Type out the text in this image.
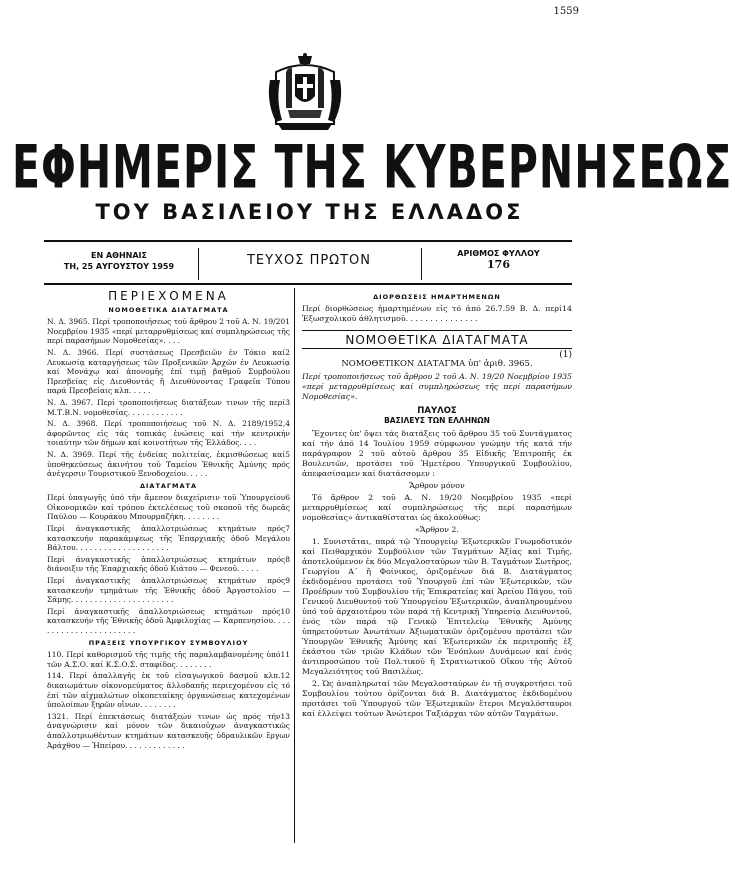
1559
ΕΦΗΜΕΡΙΣ ΤΗΣ ΚΥΒΕΡΝΗΣΕΩΣ
ΤΟΥ ΒΑΣΙΛΕΙΟΥ ΤΗΣ ΕΛΛΑΔΟΣ
ΕΝ ΑΘΗΝΑΙΣ
ΤΗ, 25 ΑΥΓΟΥΣΤΟΥ 1959	ΤΕΥΧΟΣ ΠΡΩΤΟΝ	ΑΡΙΘΜΟΣ ΦΥΛΛΟΥ
176
ΠΕΡΙΕΧΟΜΕΝΑ
ΝΟΜΟΘΕΤΙΚΑ ΔΙΑΤΑΓΜΑΤΑ
1
Ν. Δ. 3965. Περί τροποποιήσεως τοῦ ἄρθρου 2 τοῦ Α. Ν. 19/20 Νοεμβρίου 1935 «περί μεταρρυθμίσεως καί συμπληρώσεως τῆς περί παρασήμων Νομοθεσίας». . . .
2
Ν. Δ. 3966. Περί συστάσεως Πρεσβειῶν ἐν Τόκιο καί Λευκωσίᾳ καταργήσεως τῶν Προξενικῶν Ἀρχῶν ἐν Λευκωσίᾳ καί Μονάχῳ καί ἀπονομῆς ἐπί τιμῇ βαθμοῦ Συμβούλου Πρεσβείας εἰς Διευθυντάς ἤ Διευθύνοντας Γραφεῖα Τύπου παρά Πρεσβείαις κλπ. . . . .
3
Ν. Δ. 3967. Περί τροποποιήσεως διατάξεων τινων τῆς περί Μ.Τ.Β.Ν. νομοθεσίας. . . . . . . . . . . .
4
Ν. Δ. 3968. Περί τροποποιήσεως τοῦ Ν. Δ. 2189/1952, ἀφορῶντος εἰς τάς τοπικάς ἑνώσεις καί τήν κεντρικήν τοιαύτην τῶν δήμων καί κοινοτήτων τῆς Ἑλλάδος. . . .
5
Ν. Δ. 3969. Περί τῆς ἐνδείας πολιτείας, ἐκμισθώσεως καί ὑποθηκεύσεως ἀκινήτου τοῦ Ταμείου Ἐθνικῆς Ἀμύνης πρός ἀνέγερσιν Τουριστικοῦ Ξενοδοχείου. . . . .
ΔΙΑΤΑΓΜΑΤΑ
6
Περί ὑπαγωγῆς ὑπό τήν ἄμεσον διαχείρισιν τοῦ Ὑπουργείου Οἰκονομικῶν καί τρόπου ἐκτελέσεως τοῦ σκοποῦ τῆς δωρεᾶς Παύλου — Κουράκου Μπουρμαζήκη. . . . . . . .
7
Περί ἀναγκαστικῆς ἀπαλλοτριώσεως κτημάτων πρός κατασκευήν παρακάμψεως τῆς Ἐπαρχιακῆς ὁδοῦ Μεγάλου Βάλτου. . . . . . . . . . . . . . . . . . . .
8
Περί ἀναγκαστικῆς ἀπαλλοτριώσεως κτημάτων πρός διάνοιξιν τῆς Ἐπαρχιακῆς ὁδοῦ Κιάτου — Φενεοῦ. . . . .
9
Περί ἀναγκαστικῆς ἀπαλλοτριώσεως κτημάτων πρός κατασκευήν τμημάτων τῆς Ἐθνικῆς ὁδοῦ Ἀργοστολίου — Σάμης. . . . . . . . . . . . . . . . . . . . . .
10
Περί ἀναγκαστικῆς ἀπαλλοτριώσεως κτημάτων πρός κατασκευήν τῆς Ἐθνικῆς ὁδοῦ Ἀμφιλοχίας — Καρπενησίου. . . . . . . . . . . . . . . . . . . . . . .
ΠΡΑΞΕΙΣ ΥΠΟΥΡΓΙΚΟΥ ΣΥΜΒΟΥΛΙΟΥ
11
110. Περί καθορισμοῦ τῆς τιμῆς τῆς παραλαμβανομένης ὑπό τῶν Α.Σ.Ο. καί Κ.Σ.Ο.Σ. σταφίδος. . . . . . . .
12
114. Περί ἀπαλλαγῆς ἐκ τοῦ εἰσαγωγικοῦ δασμοῦ κλπ. δικαιωμάτων οἰκονομεύματος ἀλλοδαπῆς περιεχομένου εἰς τό ἐπί τῶν αἰχμαλώτων οἰκοπεταίκης ὀργανώσεως κατεχομένων ὑπολοίπων ξηρῶν οἴνων. . . . . . . .
13
1321. Περί ἐπεκτάσεως διατάξεών τινων ὡς πρός τήν ἀναγνώρισιν καί μόνον τῶν δικαιοῦχων ἀναγκαστικῶς ἀπαλλοτριωθέντων κτημάτων κατασκευῆς ὑδραυλικῶν ἔργων Ἀράχθου — Ἠπείρου. . . . . . . . . . . . .
ΔΙΟΡΘΩΣΕΙΣ ΗΜΑΡΤΗΜΕΝΩΝ
14
Περί διορθώσεως ἡμαρτημένων εἰς τό ἀπό 26.7.59 Β. Δ. περί Ἐξωσχολικοῦ ἀθλητισμοῦ. . . . . . . . . . . . . . .
ΝΟΜΟΘΕΤΙΚΑ ΔΙΑΤΑΓΜΑΤΑ
(1)
ΝΟΜΟΘΕΤΙΚΟΝ ΔΙΑΤΑΓΜΑ ὑπ' ἀριθ. 3965.
Περί τροποποιήσεως τοῦ ἄρθρου 2 τοῦ Α. Ν. 19/20 Νοεμβρίου 1935 «περί μεταρρυθμίσεως καί συμπληρώσεως τῆς περί παρασήμων Νομοθεσίας».
ΠΑΥΛΟΣ
ΒΑΣΙΛΕΥΣ ΤΩΝ ΕΛΛΗΝΩΝ
Ἔχοντες ὑπ' ὄψει τάς διατάξεις τοῦ ἄρθρου 35 τοῦ Συντάγματος καί τήν ἀπό 14 Ἰουλίου 1959 σύμφωνον γνώμην τῆς κατά τήν παράγραφον 2 τοῦ αὐτοῦ ἄρθρου 35 Εἰδικῆς Ἐπιτροπῆς ἐκ Βουλευτῶν, προτάσει τοῦ Ἡμετέρου Ὑπουργικοῦ Συμβουλίου, ἀπεφασίσαμεν καί διατάσσομεν :
Ἄρθρον μόνον
Τό ἄρθρον 2 τοῦ Α. Ν. 19/20 Νοεμβρίου 1935 «περί μεταρρυθμίσεως καί συμπληρώσεως τῆς περί παρασήμων νομοθεσίας» ἀντικαθίσταται ὡς ἀκολούθως:
«Ἄρθρον 2.
1. Συνιστᾶται, παρά τῷ Ὑπουργείῳ Ἐξωτερικῶν Γνωμοδοτικόν καί Πειθαρχικόν Συμβούλιον τῶν Ταγμάτων Ἀξίας καί Τιμῆς, ἀποτελούμενον ἐκ δύο Μεγαλοσταύρων τῶν Β. Ταγμάτων Σωτῆρος, Γεωργίου Α΄ ἤ Φοίνικος, ὁριζομένων διά Β. Διατάγματος ἐκδιδομένου προτάσει τοῦ Ὑπουργοῦ ἐπί τῶν Ἐξωτερικῶν, τῶν Προέδρων τοῦ Συμβουλίου τῆς Ἐπικρατείας καί Ἀρείου Πάγου, τοῦ Γενικοῦ Διευθυντοῦ τοῦ Ὑπουργείου Ἐξωτερικῶν, ἀναπληρουμένου ὑπό τοῦ ἀρχαιοτέρου τῶν παρά τῇ Κεντρικῇ Ὑπηρεσίᾳ Διευθυντοῦ, ἑνός τῶν παρά τῷ Γενικῷ Ἐπιτελείῳ Ἐθνικῆς Ἀμύνης ὑπηρετούντων Ἀνωτάτων Ἀξιωματικῶν ὁριζομένου προτάσει τῶν Ὑπουργῶν Ἐθνικῆς Ἀμύνης καί Ἐξωτερικῶν ἐκ περιτροπῆς ἐξ ἑκάστου τῶν τριῶν Κλάδων τῶν Ἐνόπλων Δυνάμεων καί ἑνός ἀντιπροσώπου τοῦ Πολ.τικοῦ ἤ Στρατιωτικοῦ Οἴκου τῆς Αὐτοῦ Μεγαλειότητος τοῦ Βασιλέως.
2. Ὡς ἀναπληρωταί τῶν Μεγαλοσταύρων ἐν τῇ συγκροτήσει τοῦ Συμβουλίου τούτου ὁρίζονται διά Β. Διατάγματος ἐκδιδομένου προτάσει τοῦ Ὑπουργοῦ τῶν Ἐξωτερικῶν ἕτεροι Μεγαλόσταυροι καί ἐλλείψει τούτων Ἀνώτεροι Ταξιάρχαι τῶν αὐτῶν Ταγμάτων.
